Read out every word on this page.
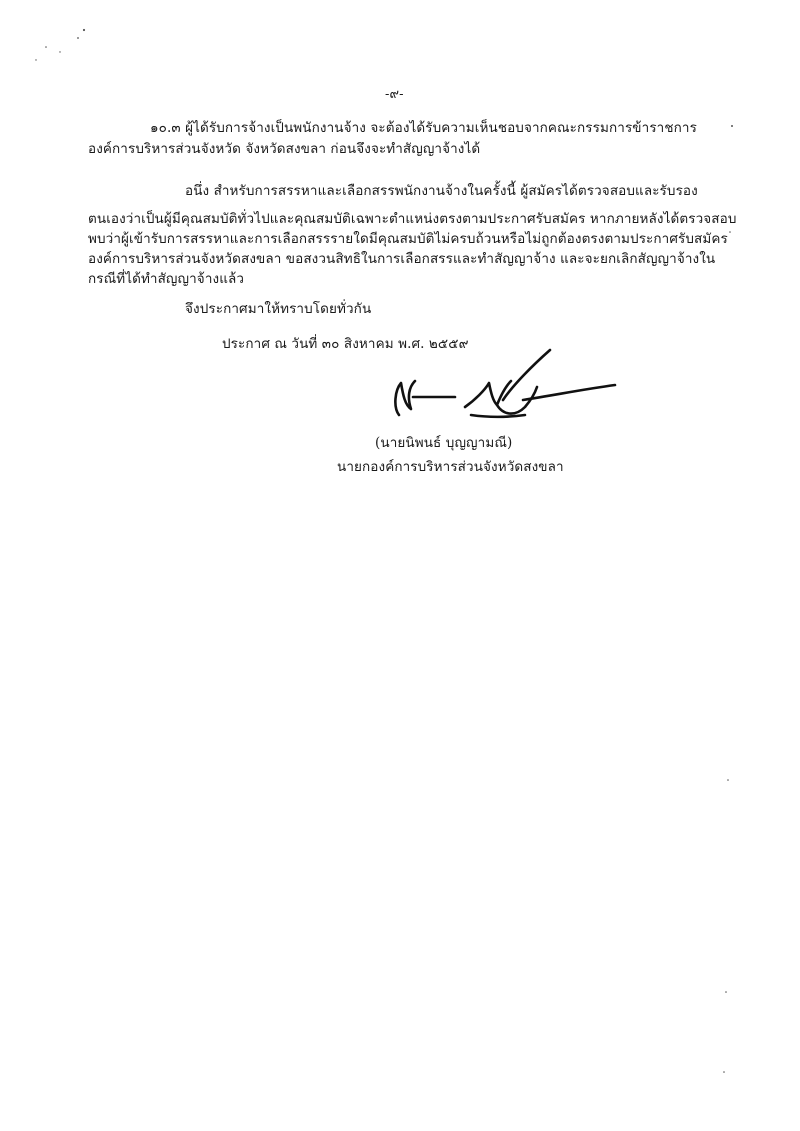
-๙-
๑๐.๓ ผู้ได้รับการจ้างเป็นพนักงานจ้าง จะต้องได้รับความเห็นชอบจากคณะกรรมการข้าราชการ
องค์การบริหารส่วนจังหวัด จังหวัดสงขลา ก่อนจึงจะทำสัญญาจ้างได้
อนึ่ง สำหรับการสรรหาและเลือกสรรพนักงานจ้างในครั้งนี้ ผู้สมัครได้ตรวจสอบและรับรอง
ตนเองว่าเป็นผู้มีคุณสมบัติทั่วไปและคุณสมบัติเฉพาะตำแหน่งตรงตามประกาศรับสมัคร หากภายหลังได้ตรวจสอบ
พบว่าผู้เข้ารับการสรรหาและการเลือกสรรรายใดมีคุณสมบัติไม่ครบถ้วนหรือไม่ถูกต้องตรงตามประกาศรับสมัคร
องค์การบริหารส่วนจังหวัดสงขลา ขอสงวนสิทธิในการเลือกสรรและทำสัญญาจ้าง และจะยกเลิกสัญญาจ้างใน
กรณีที่ได้ทำสัญญาจ้างแล้ว
จึงประกาศมาให้ทราบโดยทั่วกัน
ประกาศ ณ วันที่ ๓๐ สิงหาคม พ.ศ. ๒๕๕๙
(นายนิพนธ์ บุญญามณี)
นายกองค์การบริหารส่วนจังหวัดสงขลา
